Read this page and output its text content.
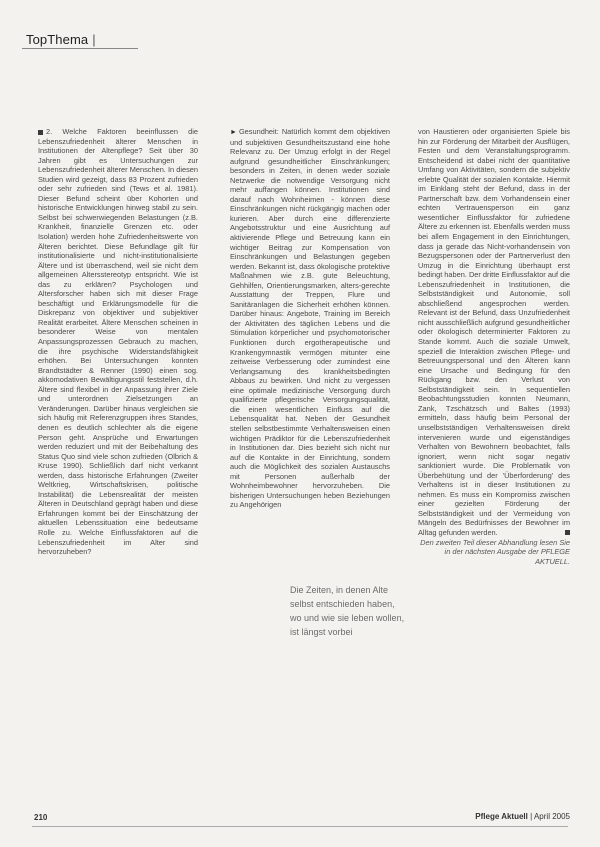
TopThema |

2. Welche Faktoren beeinflussen die Lebenszufriedenheit älterer Menschen in Institutionen der Altenpflege? Seit über 30 Jahren gibt es Untersuchungen zur Lebenszufriedenheit älterer Menschen. In diesen Studien wird gezeigt, dass 83 Prozent zufrieden oder sehr zufrieden sind (Tews et al. 1981). Dieser Befund scheint über Kohorten und historische Entwicklungen hinweg stabil zu sein. Selbst bei schwerwiegenden Belastungen (z.B. Krankheit, finanzielle Grenzen etc. oder Isolation) werden hohe Zufriedenheitswerte von Älteren berichtet. Diese Befundlage gilt für institutionalisierte und nicht-institutionalisierte Ältere und ist überraschend, weil sie nicht dem allgemeinen Altersstereotyp entspricht. Wie ist das zu erklären? Psychologen und Altersforscher haben sich mit dieser Frage beschäftigt und Erklärungsmodelle für die Diskrepanz von objektiver und subjektiver Realität erarbeitet. Ältere Menschen scheinen in besonderer Weise von mentalen Anpassungsprozessen Gebrauch zu machen, die ihre psychische Widerstandsfähigkeit erhöhen. Bei Untersuchungen konnten Brandtstädter & Renner (1990) einen sog. akkomodativen Bewältigungsstil feststellen, d.h. Ältere sind flexibel in der Anpassung ihrer Ziele und unterordnen Zielsetzungen an Veränderungen. Darüber hinaus vergleichen sie sich häufig mit Referenzgruppen ihres Standes, denen es deutlich schlechter als die eigene Person geht. Ansprüche und Erwartungen werden reduziert und mit der Beibehaltung des Status Quo sind viele schon zufrieden (Olbrich & Kruse 1990). Schließlich darf nicht verkannt werden, dass historische Erfahrungen (Zweiter Weltkrieg, Wirtschaftskrisen, politische Instabilität) die Lebensrealität der meisten Älteren in Deutschland geprägt haben und diese Erfahrungen kommt bei der Einschätzung der aktuellen Lebenssituation eine bedeutsame Rolle zu. Welche Einflussfaktoren auf die Lebenszufriedenheit im Alter sind hervorzuheben?

► Gesundheit: Natürlich kommt dem objektiven und subjektiven Gesundheitszustand eine hohe Relevanz zu. Der Umzug erfolgt in der Regel aufgrund gesundheitlicher Einschränkungen; besonders in Zeiten, in denen weder soziale Netzwerke die notwendige Versorgung nicht mehr auffangen können. Institutionen sind darauf nach Wohnheimen - können diese Einschränkungen nicht rückgängig machen oder kurieren. Aber durch eine differenzierte Angebotsstruktur und eine Ausrichtung auf aktivierende Pflege und Betreuung kann ein wichtiger Beitrag zur Kompensation von Einschränkungen und Belastungen gegeben werden. Bekannt ist, dass ökologische protektive Maßnahmen wie z.B. gute Beleuchtung, Gehhilfen, Orientierungsmarken, alters-gerechte Ausstattung der Treppen, Flure und Sanitäranlagen die Sicherheit erhöhen können. Darüber hinaus: Angebote, Training im Bereich der Aktivitäten des täglichen Lebens und die Stimulation körperlicher und psychomotorischer Funktionen durch ergotherapeutische und Krankengymnastik vermögen mitunter eine zeitweise Verbesserung oder zumindest eine Verlangsamung des krankheitsbedingten Abbaus zu bewirken. Und nicht zu vergessen eine optimale medizinische Versorgung durch qualifizierte pflegerische Versorgungsqualität, die einen wesentlichen Einfluss auf die Lebensqualität hat. Neben der Gesundheit stellen selbstbestimmte Verhaltensweisen einen wichtigen Prädiktor für die Lebenszufriedenheit in Institutionen dar. Dies bezieht sich nicht nur auf die Kontakte in der Einrichtung, sondern auch die Möglichkeit des sozialen Austauschs mit Personen außerhalb der Wohnheimbewohner hervorzuheben. Die bisherigen Untersuchungen heben Beziehungen zu Angehörigen

von Haustieren oder organisierten Spiele bis hin zur Förderung der Mitarbeit der Ausflügen, Festen und dem Veranstaltungsprogramm. Entscheidend ist dabei nicht der quantitative Umfang von Aktivitäten, sondern die subjektiv erlebte Qualität der sozialen Kontakte. Hiermit im Einklang steht der Befund, dass in der Partnerschaft bzw. dem Vorhandensein einer echten Vertrauensperson ein ganz wesentlicher Einflussfaktor für zufriedene Ältere zu erkennen ist. Ebenfalls werden muss bei allem Engagement in den Einrichtungen, dass ja gerade das Nicht-vorhandensein von Bezugspersonen oder der Partnerverlust den Umzug in die Einrichtung überhaupt erst bedingt haben. Der dritte Einflussfaktor auf die Lebenszufriedenheit in Institutionen, die Selbstständigkeit und Autonomie, soll abschließend angesprochen werden. Relevant ist der Befund, dass Unzufriedenheit nicht ausschließlich aufgrund gesundheitlicher oder ökologisch determinierter Faktoren zu Stande kommt. Auch die soziale Umwelt, speziell die Interaktion zwischen Pflege- und Betreuungspersonal und den Älteren kann eine Ursache und Bedingung für den Rückgang bzw. den Verlust von Selbstständigkeit sein. In sequentiellen Beobachtungsstudien konnten Neumann, Zank, Tzschätzsch und Baltes (1993) ermitteln, dass häufig beim Personal der unselbstständigen Verhaltensweisen direkt intervenieren wurde und eigenständiges Verhalten von Bewohnern beobachtet, falls ignoriert, wenn nicht sogar negativ sanktioniert wurde. Die Problematik von Überbehütung und der 'Überforderung' des Verhaltens ist in dieser Institutionen zu nehmen. Es muss ein Kompromiss zwischen einer gezielten Förderung der Selbstständigkeit und der Vermeidung von Mängeln des Bedürfnisses der Bewohner im Alltag gefunden werden.

Den zweiten Teil dieser Abhandlung lesen Sie in der nächsten Ausgabe der PFLEGE AKTUELL.

Die Zeiten, in denen Alte selbst entschieden haben, wo und wie sie leben wollen, ist längst vorbei
210	Pflege Aktuell | April 2005
